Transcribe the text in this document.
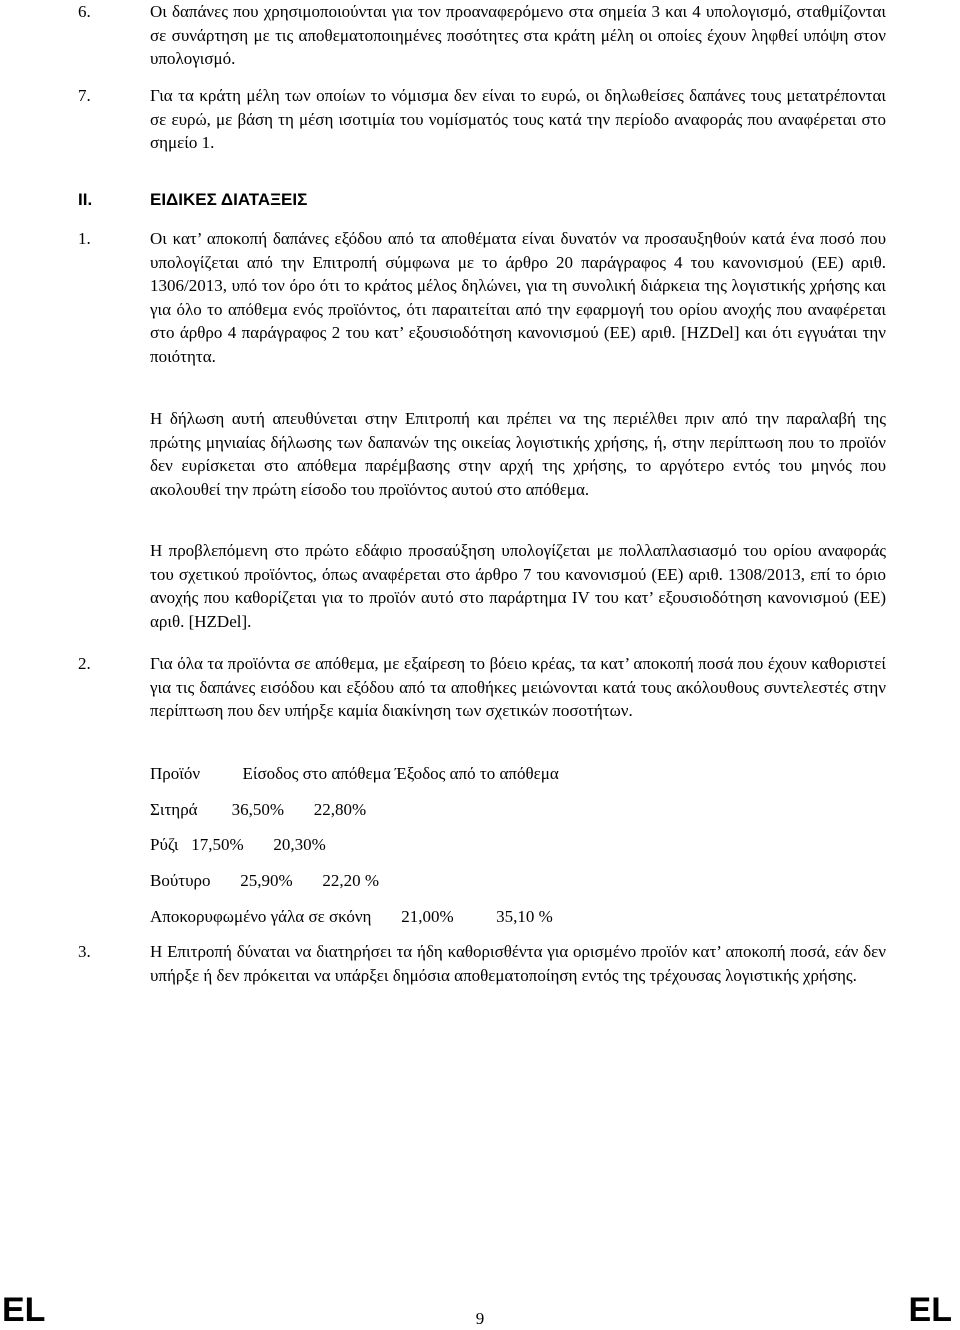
6.	Οι δαπάνες που χρησιμοποιούνται για τον προαναφερόμενο στα σημεία 3 και 4 υπολογισμό, σταθμίζονται σε συνάρτηση με τις αποθεματοποιημένες ποσότητες στα κράτη μέλη οι οποίες έχουν ληφθεί υπόψη στον υπολογισμό.

7.	Για τα κράτη μέλη των οποίων το νόμισμα δεν είναι το ευρώ, οι δηλωθείσες δαπάνες τους μετατρέπονται σε ευρώ, με βάση τη μέση ισοτιμία του νομίσματός τους κατά την περίοδο αναφοράς που αναφέρεται στο σημείο 1.

II.	ΕΙΔΙΚΕΣ ΔΙΑΤΑΞΕΙΣ

1.	Οι κατ’ αποκοπή δαπάνες εξόδου από τα αποθέματα είναι δυνατόν να προσαυξηθούν κατά ένα ποσό που υπολογίζεται από την Επιτροπή σύμφωνα με το άρθρο 20 παράγραφος 4 του κανονισμού (ΕΕ) αριθ. 1306/2013, υπό τον όρο ότι το κράτος μέλος δηλώνει, για τη συνολική διάρκεια της λογιστικής χρήσης και για όλο το απόθεμα ενός προϊόντος, ότι παραιτείται από την εφαρμογή του ορίου ανοχής που αναφέρεται στο άρθρο 4 παράγραφος 2 του κατ’ εξουσιοδότηση κανονισμού (ΕΕ) αριθ. [HZDel] και ότι εγγυάται την ποιότητα.

Η δήλωση αυτή απευθύνεται στην Επιτροπή και πρέπει να της περιέλθει πριν από την παραλαβή της πρώτης μηνιαίας δήλωσης των δαπανών της οικείας λογιστικής χρήσης, ή, στην περίπτωση που το προϊόν δεν ευρίσκεται στο απόθεμα παρέμβασης στην αρχή της χρήσης, το αργότερο εντός του μηνός που ακολουθεί την πρώτη είσοδο του προϊόντος αυτού στο απόθεμα.

Η προβλεπόμενη στο πρώτο εδάφιο προσαύξηση υπολογίζεται με πολλαπλασιασμό του ορίου αναφοράς του σχετικού προϊόντος, όπως αναφέρεται στο άρθρο 7 του κανονισμού (ΕΕ) αριθ. 1308/2013, επί το όριο ανοχής που καθορίζεται για το προϊόν αυτό στο παράρτημα IV του κατ’ εξουσιοδότηση κανονισμού (ΕΕ) αριθ. [HZDel].

2.	Για όλα τα προϊόντα σε απόθεμα, με εξαίρεση το βόειο κρέας, τα κατ’ αποκοπή ποσά που έχουν καθοριστεί για τις δαπάνες εισόδου και εξόδου από τα αποθήκες μειώνονται κατά τους ακόλουθους συντελεστές στην περίπτωση που δεν υπήρξε καμία διακίνηση των σχετικών ποσοτήτων.

Προϊόν          Είσοδος στο απόθεμα Έξοδος από το απόθεμα
Σιτηρά        36,50%       22,80%
Ρύζι   17,50%       20,30%
Βούτυρο       25,90%       22,20 %
Αποκορυφωμένο γάλα σε σκόνη       21,00%          35,10 %
3.	Η Επιτροπή δύναται να διατηρήσει τα ήδη καθορισθέντα για ορισμένο προϊόν κατ’ αποκοπή ποσά, εάν δεν υπήρξε ή δεν πρόκειται να υπάρξει δημόσια αποθεματοποίηση εντός της τρέχουσας λογιστικής χρήσης.

EL	9	EL
